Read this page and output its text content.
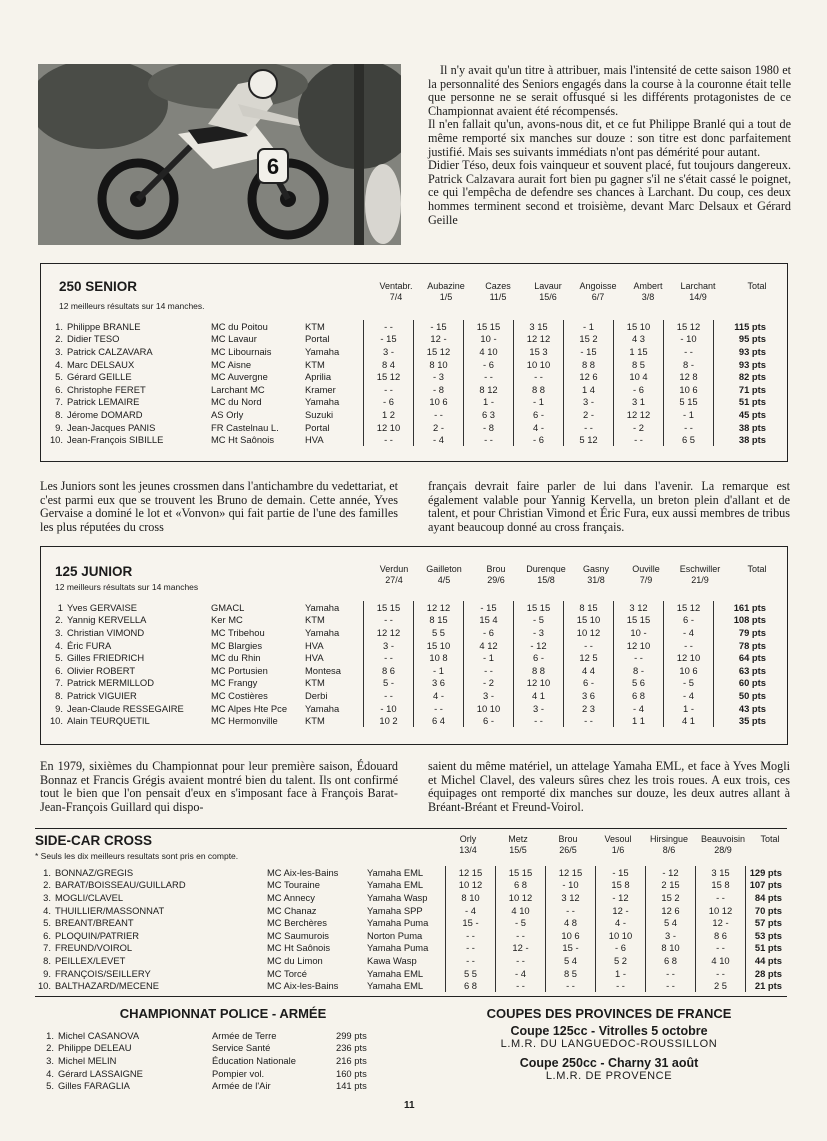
6

Il n'y avait qu'un titre à attribuer, mais l'intensité de cette saison 1980 et la personnalité des Seniors engagés dans la course à la couronne était telle que personne ne se serait offusqué si les différents protagonistes de ce Championnat avaient été récompensés.

Il n'en fallait qu'un, avons-nous dit, et ce fut Philippe Branlé qui a tout de même remporté six manches sur douze : son titre est donc parfaitement justifié. Mais ses suivants immédiats n'ont pas démérité pour autant.

Didier Téso, deux fois vainqueur et souvent placé, fut toujours dangereux. Patrick Calzavara aurait fort bien pu gagner s'il ne s'était cassé le poignet, ce qui l'empêcha de defendre ses chances à Larchant. Du coup, ces deux hommes terminent second et troisième, devant Marc Delsaux et Gérard Geille

250 SENIOR
12 meilleurs résultats sur 14 manches.
Ventabr.
7/4
Aubazine
1/5
Cazes
11/5
Lavaur
15/6
Angoisse
6/7
Ambert
3/8
Larchant
14/9
Total
1.	Philippe BRANLE	MC du Poitou	KTM	- -	- 15	15 15	3 15	- 1	15 10	15 12	115 pts
2.	Didier TESO	MC Lavaur	Portal	- 15	12 -	10 -	12 12	15 2	4 3	- 10	95 pts
3.	Patrick CALZAVARA	MC Libournais	Yamaha	3 -	15 12	4 10	15 3	- 15	1 15	- -	93 pts
4.	Marc DELSAUX	MC Aisne	KTM	8 4	8 10	- 6	10 10	8 8	8 5	8 -	93 pts
5.	Gérard GEILLE	MC Auvergne	Aprilia	15 12	- 3	- -	- -	12 6	10 4	12 8	82 pts
6.	Christophe FERET	Larchant MC	Kramer	- -	- 8	8 12	8 8	1 4	- 6	10 6	71 pts
7.	Patrick LEMAIRE	MC du Nord	Yamaha	- 6	10 6	1 -	- 1	3 -	3 1	5 15	51 pts
8.	Jérome DOMARD	AS Orly	Suzuki	1 2	- -	6 3	6 -	2 -	12 12	- 1	45 pts
9.	Jean-Jacques PANIS	FR Castelnau L.	Portal	12 10	2 -	- 8	4 -	- -	- 2	- -	38 pts
10.	Jean-François SIBILLE	MC Ht Saônois	HVA	- -	- 4	- -	- 6	5 12	- -	6 5	38 pts
Les Juniors sont les jeunes crossmen dans l'antichambre du vedettariat, et c'est parmi eux que se trouvent les Bruno de demain. Cette année, Yves Gervaise a dominé le lot et «Vonvon» qui fait partie de l'une des familles les plus réputées du cross
français devrait faire parler de lui dans l'avenir. La remarque est également valable pour Yannig Kervella, un breton plein d'allant et de talent, et pour Christian Vimond et Éric Fura, eux aussi membres de tribus ayant beaucoup donné au cross français.
125 JUNIOR
12 meilleurs résultats sur 14 manches
Verdun
27/4
Gailleton
4/5
Brou
29/6
Durenque
15/8
Gasny
31/8
Ouville
7/9
Eschwiller
21/9
Total
1	Yves GERVAISE	GMACL	Yamaha	15 15	12 12	- 15	15 15	8 15	3 12	15 12	161 pts
2.	Yannig KERVELLA	Ker MC	KTM	- -	8 15	15 4	- 5	15 10	15 15	6 -	108 pts
3.	Christian VIMOND	MC Tribehou	Yamaha	12 12	5 5	- 6	- 3	10 12	10 -	- 4	79 pts
4.	Éric FURA	MC Blargies	HVA	3 -	15 10	4 12	- 12	- -	12 10	- -	78 pts
5.	Gilles FRIEDRICH	MC du Rhin	HVA	- -	10 8	- 1	6 -	12 5	- -	12 10	64 pts
6.	Olivier ROBERT	MC Portusien	Montesa	8 6	- 1	- -	8 8	4 4	8 -	10 6	63 pts
7.	Patrick MERMILLOD	MC Frangy	KTM	5 -	3 6	- 2	12 10	6 -	5 6	- 5	60 pts
8.	Patrick VIGUIER	MC Costières	Derbi	- -	4 -	3 -	4 1	3 6	6 8	- 4	50 pts
9.	Jean-Claude RESSEGAIRE	MC Alpes Hte Pce	Yamaha	- 10	- -	10 10	3 -	2 3	- 4	1 -	43 pts
10.	Alain TEURQUETIL	MC Hermonville	KTM	10 2	6 4	6 -	- -	- -	1 1	4 1	35 pts
En 1979, sixièmes du Championnat pour leur première saison, Édouard Bonnaz et Francis Grégis avaient montré bien du talent. Ils ont confirmé tout le bien que l'on pensait d'eux en s'imposant face à François Barat-Jean-François Guillard qui dispo-
saient du même matériel, un attelage Yamaha EML, et face à Yves Mogli et Michel Clavel, des valeurs sûres chez les trois roues. A eux trois, ces équipages ont remporté dix manches sur douze, les deux autres allant à Bréant-Bréant et Freund-Voirol.
SIDE-CAR CROSS
* Seuls les dix meilleurs resultats sont pris en compte.
Orly
13/4
Metz
15/5
Brou
26/5
Vesoul
1/6
Hirsingue
8/6
Beauvoisin
28/9
Total
1.	BONNAZ/GREGIS	MC Aix-les-Bains	Yamaha EML	12 15	15 15	12 15	- 15	- 12	3 15	129 pts
2.	BARAT/BOISSEAU/GUILLARD	MC Touraine	Yamaha EML	10 12	6 8	- 10	15 8	2 15	15 8	107 pts
3.	MOGLI/CLAVEL	MC Annecy	Yamaha Wasp	8 10	10 12	3 12	- 12	15 2	- -	84 pts
4.	THUILLIER/MASSONNAT	MC Chanaz	Yamaha SPP	- 4	4 10	- -	12 -	12 6	10 12	70 pts
5.	BREANT/BREANT	MC Berchères	Yamaha Puma	15 -	- 5	4 8	4 -	5 4	12 -	57 pts
6.	PLOQUIN/PATRIER	MC Saumurois	Norton Puma	- -	- -	10 6	10 10	3 -	8 6	53 pts
7.	FREUND/VOIROL	MC Ht Saônois	Yamaha Puma	- -	12 -	15 -	- 6	8 10	- -	51 pts
8.	PEILLEX/LEVET	MC du Limon	Kawa Wasp	- -	- -	5 4	5 2	6 8	4 10	44 pts
9.	FRANÇOIS/SEILLERY	MC Torcé	Yamaha EML	5 5	- 4	8 5	1 -	- -	- -	28 pts
10.	BALTHAZARD/MECENE	MC Aix-les-Bains	Yamaha EML	6 8	- -	- -	- -	- -	2 5	21 pts
CHAMPIONNAT POLICE - ARMÉE
1.	Michel CASANOVA	Armée de Terre	299 pts
2.	Philippe DELEAU	Service Santé	236 pts
3.	Michel MELIN	Éducation Nationale	216 pts
4.	Gérard LASSAIGNE	Pompier vol.	160 pts
5.	Gilles FARAGLIA	Armée de l'Air	141 pts
COUPES DES PROVINCES DE FRANCE
Coupe 125cc - Vitrolles 5 octobre
L.M.R. DU LANGUEDOC-ROUSSILLON
Coupe 250cc - Charny 31 août
L.M.R. DE PROVENCE
11
